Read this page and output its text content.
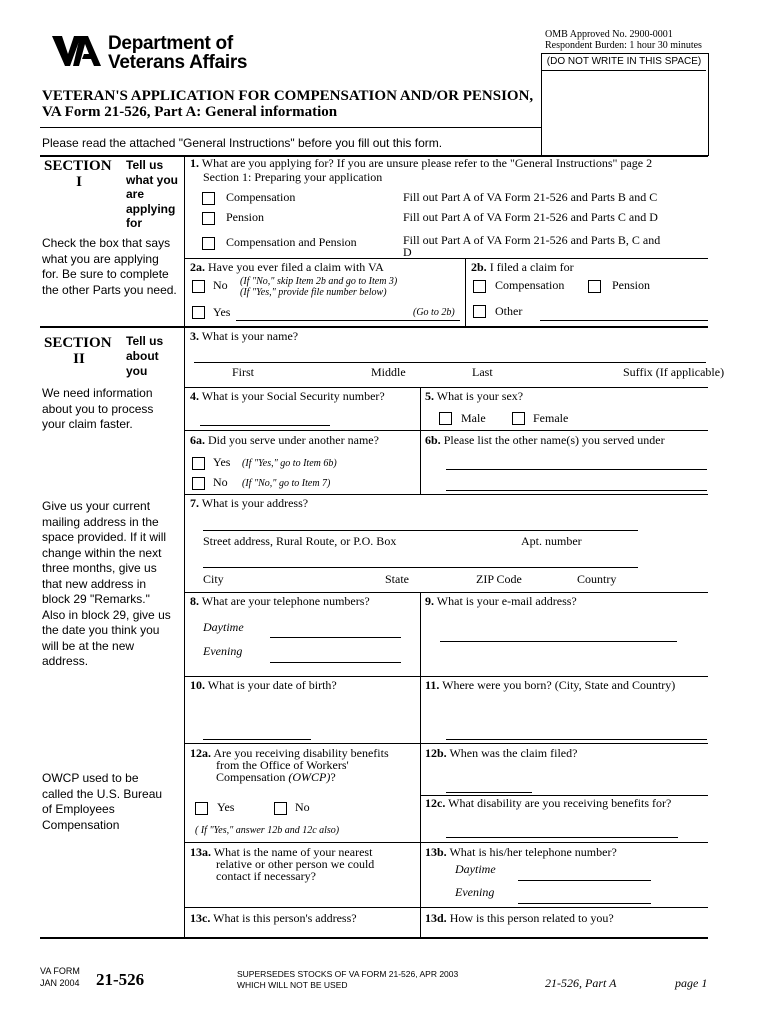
Department of
Veterans Affairs
OMB Approved No. 2900-0001
Respondent Burden: 1 hour 30 minutes
(DO NOT WRITE IN THIS SPACE)
VETERAN'S APPLICATION FOR COMPENSATION AND/OR PENSION,
VA Form 21-526, Part A: General information
Please read the attached "General Instructions" before you fill out this form.
SECTION
I
Tell us what you are applying for
Check the box that says what you are applying for. Be sure to complete the other Parts you need.
1. What are you applying for? If you are unsure please refer to the "General Instructions" page 2
Section 1: Preparing your application
Compensation	Fill out Part A of VA Form 21-526 and Parts B and C
Pension	Fill out Part A of VA Form 21-526 and Parts C and D
Compensation and Pension	Fill out Part A of VA Form 21-526 and Parts B, C and D
2a. Have you ever filed a claim with VA
No (If "No," skip Item 2b and go to Item 3)
(If "Yes," provide file number below)
Yes	(Go to 2b)
2b. I filed a claim for
Compensation	Pension
Other
SECTION
II
Tell us about you
We need information about you to process your claim faster.
Give us your current mailing address in the space provided. If it will change within the next three months, give us that new address in block 29 "Remarks." Also in block 29, give us the date you think you will be at the new address.
OWCP used to be called the U.S. Bureau of Employees Compensation
3. What is your name?
First	Middle	Last	Suffix (If applicable)
4. What is your Social Security number?	5. What is your sex?
Male	Female
6a. Did you serve under another name?
Yes (If "Yes," go to Item 6b)
No (If "No," go to Item 7)
6b. Please list the other name(s) you served under
7. What is your address?
Street address, Rural Route, or P.O. Box	Apt. number
City	State	ZIP Code	Country
8. What are your telephone numbers?
Daytime
Evening
9. What is your e-mail address?
10. What is your date of birth?	11. Where were you born? (City, State and Country)
12a. Are you receiving disability benefits
from the Office of Workers'
Compensation (OWCP)?
Yes	No
( If "Yes," answer 12b and 12c also)
12b. When was the claim filed?
12c. What disability are you receiving benefits for?
13a. What is the name of your nearest
relative or other person we could
contact if necessary?
13b. What is his/her telephone number?
Daytime
Evening
13c. What is this person's address?	13d. How is this person related to you?
VA FORM
JAN 2004 21-526	SUPERSEDES STOCKS OF VA FORM 21-526, APR 2003
WHICH WILL NOT BE USED	21-526, Part A	page 1
